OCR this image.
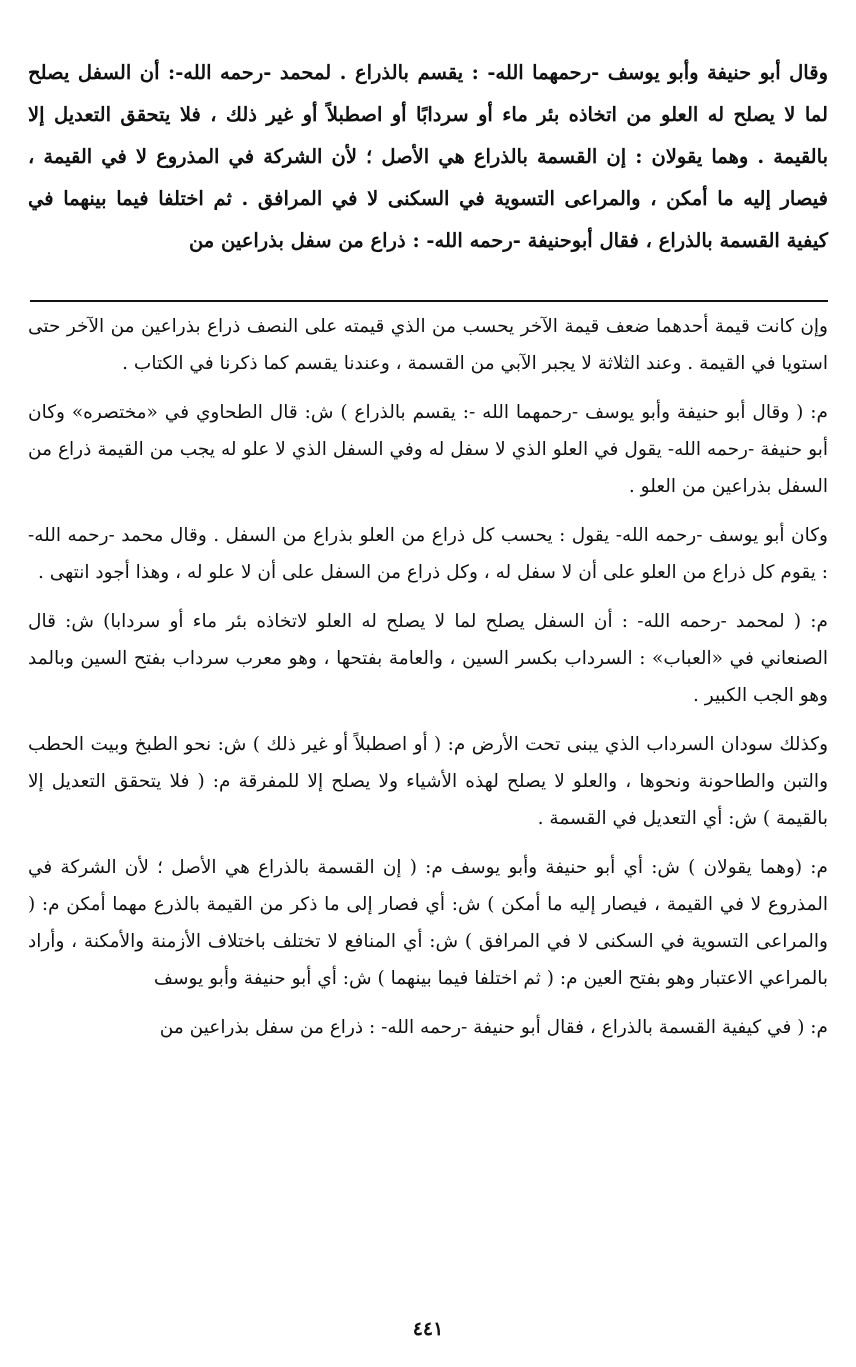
وقال أبو حنيفة وأبو يوسف -رحمهما الله- : يقسم بالذراع . لمحمد -رحمه الله-: أن السفل يصلح لما لا يصلح له العلو من اتخاذه بئر ماء أو سردابًا أو اصطبلاً أو غير ذلك ، فلا يتحقق التعديل إلا بالقيمة . وهما يقولان : إن القسمة بالذراع هي الأصل ؛ لأن الشركة في المذروع لا في القيمة ، فيصار إليه ما أمكن ، والمراعى التسوية في السكنى لا في المرافق . ثم اختلفا فيما بينهما في كيفية القسمة بالذراع ، فقال أبوحنيفة -رحمه الله- : ذراع من سفل بذراعين من

وإن كانت قيمة أحدهما ضعف قيمة الآخر يحسب من الذي قيمته على النصف ذراع بذراعين من الآخر حتى استويا في القيمة . وعند الثلاثة لا يجبر الآبي من القسمة ، وعندنا يقسم كما ذكرنا في الكتاب .

م: ( وقال أبو حنيفة وأبو يوسف -رحمهما الله -: يقسم بالذراع ) ش: قال الطحاوي في «مختصره» وكان أبو حنيفة -رحمه الله- يقول في العلو الذي لا سفل له وفي السفل الذي لا علو له يجب من القيمة ذراع من السفل بذراعين من العلو .

وكان أبو يوسف -رحمه الله- يقول : يحسب كل ذراع من العلو بذراع من السفل . وقال محمد -رحمه الله- : يقوم كل ذراع من العلو على أن لا سفل له ، وكل ذراع من السفل على أن لا علو له ، وهذا أجود انتهى .

م: ( لمحمد -رحمه الله- : أن السفل يصلح لما لا يصلح له العلو لاتخاذه بئر ماء أو سردابا) ش: قال الصنعاني في «العباب» : السرداب بكسر السين ، والعامة بفتحها ، وهو معرب سرداب بفتح السين وبالمد وهو الجب الكبير .

وكذلك سودان السرداب الذي يبنى تحت الأرض م: ( أو اصطبلاً أو غير ذلك ) ش: نحو الطبخ وبيت الحطب والتبن والطاحونة ونحوها ، والعلو لا يصلح لهذه الأشياء ولا يصلح إلا للمفرقة م: ( فلا يتحقق التعديل إلا بالقيمة ) ش: أي التعديل في القسمة .

م: (وهما يقولان ) ش: أي أبو حنيفة وأبو يوسف م: ( إن القسمة بالذراع هي الأصل ؛ لأن الشركة في المذروع لا في القيمة ، فيصار إليه ما أمكن ) ش: أي فصار إلى ما ذكر من القيمة بالذرع مهما أمكن م: ( والمراعى التسوية في السكنى لا في المرافق ) ش: أي المنافع لا تختلف باختلاف الأزمنة والأمكنة ، وأراد بالمراعي الاعتبار وهو بفتح العين م: ( ثم اختلفا فيما بينهما ) ش: أي أبو حنيفة وأبو يوسف

م: ( في كيفية القسمة بالذراع ، فقال أبو حنيفة -رحمه الله- : ذراع من سفل بذراعين من

٤٤١
